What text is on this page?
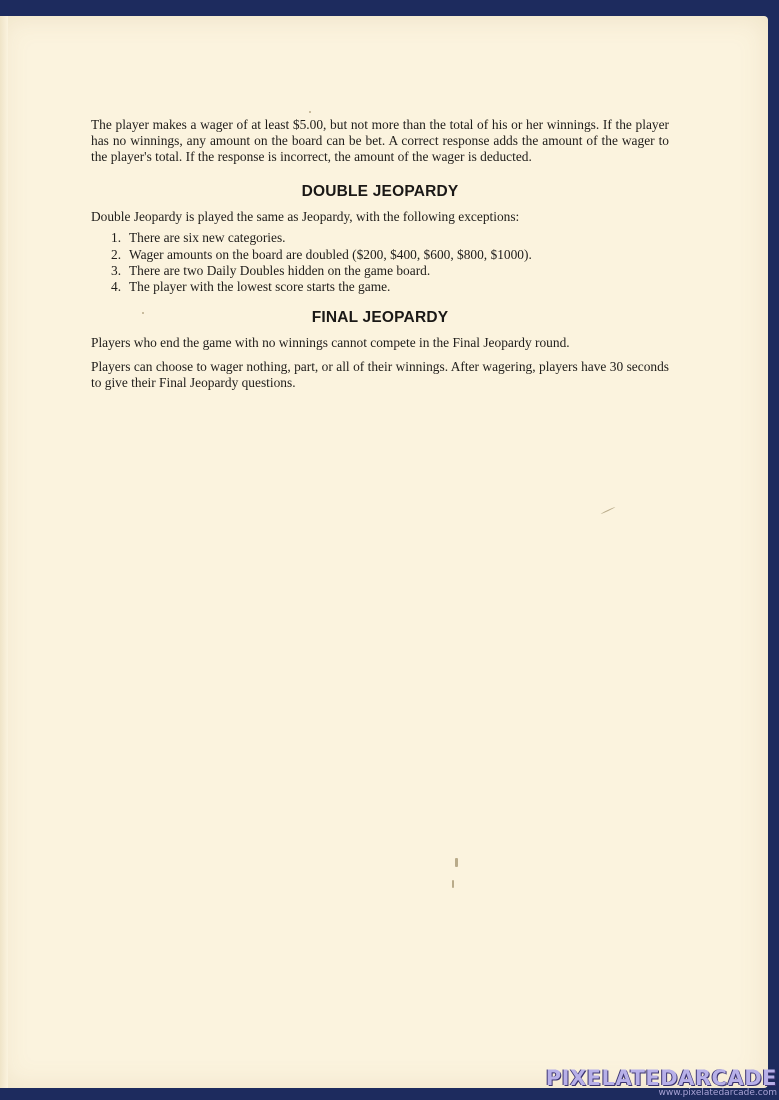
The player makes a wager of at least $5.00, but not more than the total of his or her winnings. If the player has no winnings, any amount on the board can be bet. A correct response adds the amount of the wager to the player's total. If the response is incorrect, the amount of the wager is deducted.

DOUBLE JEOPARDY

Double Jeopardy is played the same as Jeopardy, with the following exceptions:

1. There are six new categories.
2. Wager amounts on the board are doubled ($200, $400, $600, $800, $1000).
3. There are two Daily Doubles hidden on the game board.
4. The player with the lowest score starts the game.
FINAL JEOPARDY

Players who end the game with no winnings cannot compete in the Final Jeopardy round.

Players can choose to wager nothing, part, or all of their winnings. After wagering, players have 30 seconds to give their Final Jeopardy questions.

PIXELATEDARCADE
www.pixelatedarcade.com
